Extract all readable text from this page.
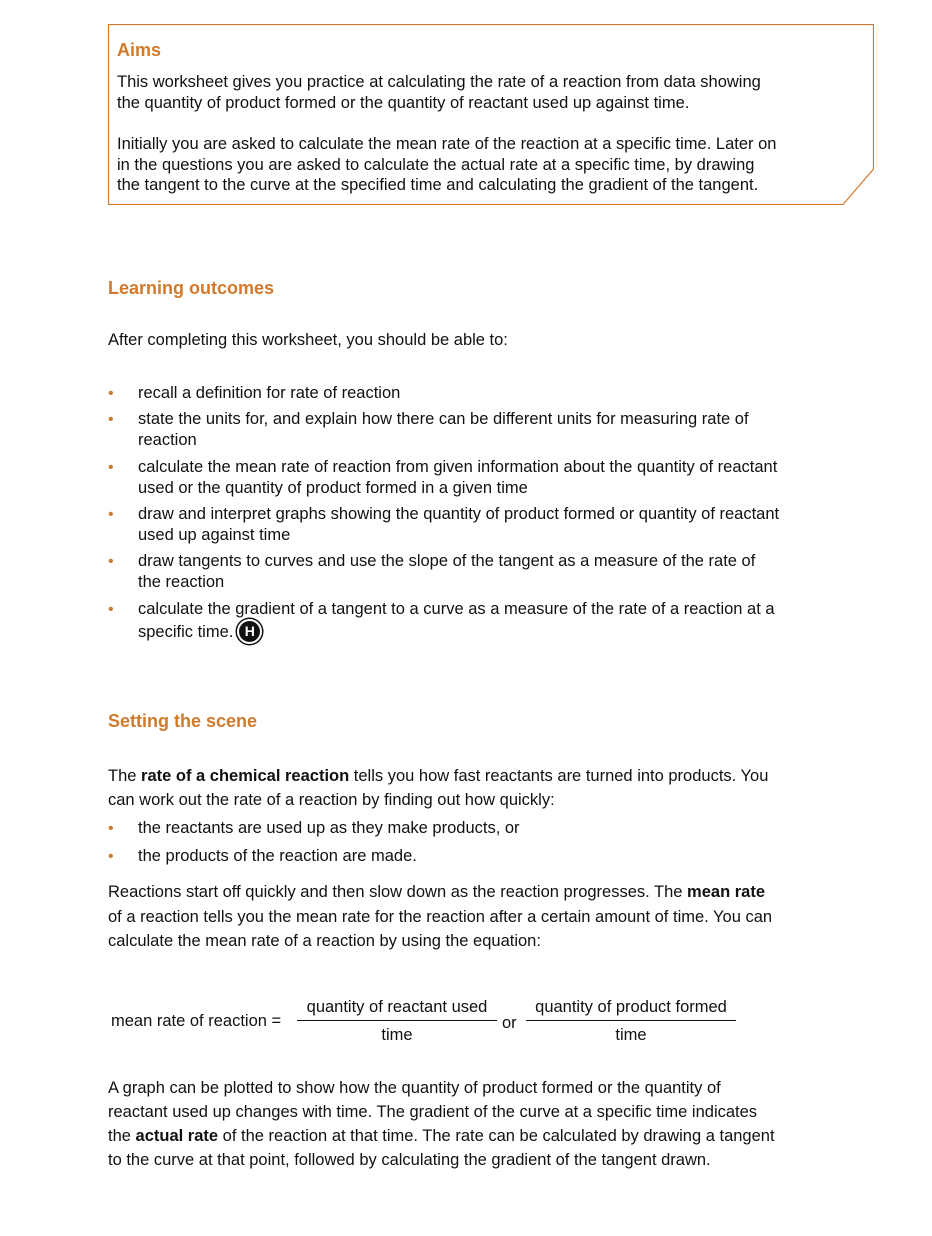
Aims
This worksheet gives you practice at calculating the rate of a reaction from data showing
the quantity of product formed or the quantity of reactant used up against time.
Initially you are asked to calculate the mean rate of the reaction at a specific time. Later on
in the questions you are asked to calculate the actual rate at a specific time, by drawing
the tangent to the curve at the specified time and calculating the gradient of the tangent.
Learning outcomes
After completing this worksheet, you should be able to:
•	recall a definition for rate of reaction
•	state the units for, and explain how there can be different units for measuring rate of
reaction
•	calculate the mean rate of reaction from given information about the quantity of reactant
used or the quantity of product formed in a given time
•	draw and interpret graphs showing the quantity of product formed or quantity of reactant
used up against time
•	draw tangents to curves and use the slope of the tangent as a measure of the rate of
the reaction
•	calculate the gradient of a tangent to a curve as a measure of the rate of a reaction at a
specific time. H
Setting the scene
The rate of a chemical reaction tells you how fast reactants are turned into products. You
can work out the rate of a reaction by finding out how quickly:
•	the reactants are used up as they make products, or
•	the products of the reaction are made.
Reactions start off quickly and then slow down as the reaction progresses. The mean rate
of a reaction tells you the mean rate for the reaction after a certain amount of time. You can
calculate the mean rate of a reaction by using the equation:
mean rate of reaction =
quantity of reactant used
time
or
quantity of product formed
time
A graph can be plotted to show how the quantity of product formed or the quantity of
reactant used up changes with time. The gradient of the curve at a specific time indicates
the actual rate of the reaction at that time. The rate can be calculated by drawing a tangent
to the curve at that point, followed by calculating the gradient of the tangent drawn.
